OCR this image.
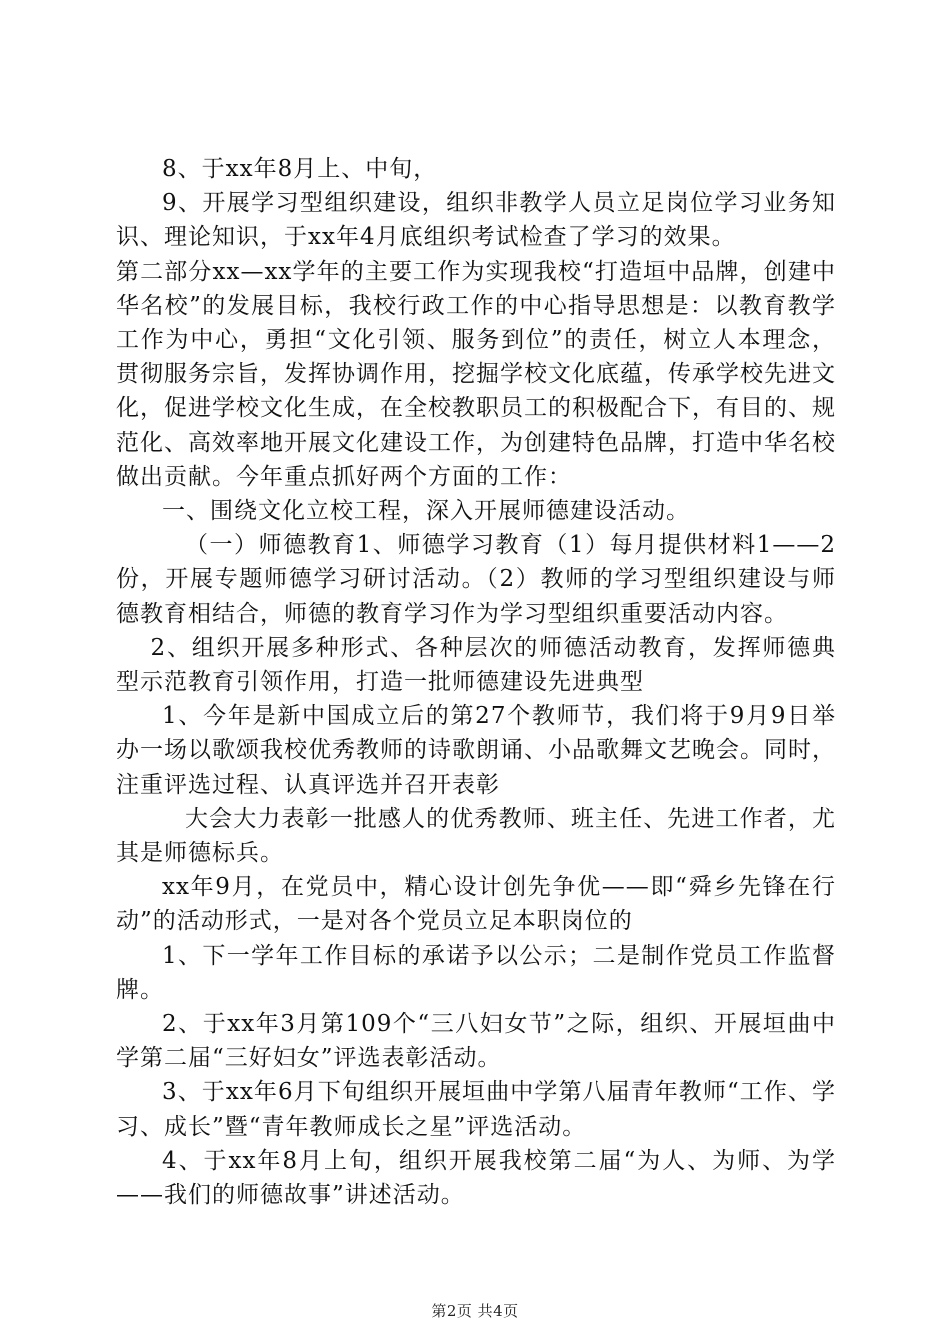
8、于xx年8月上、中旬，

9、开展学习型组织建设，组织非教学人员立足岗位学习业务知识、理论知识，于xx年4月底组织考试检查了学习的效果。

第二部分xx—xx学年的主要工作为实现我校“打造垣中品牌，创建中华名校”的发展目标，我校行政工作的中心指导思想是：以教育教学工作为中心，勇担“文化引领、服务到位”的责任，树立人本理念，贯彻服务宗旨，发挥协调作用，挖掘学校文化底蕴，传承学校先进文化，促进学校文化生成，在全校教职员工的积极配合下，有目的、规范化、高效率地开展文化建设工作，为创建特色品牌，打造中华名校做出贡献。今年重点抓好两个方面的工作：

一、围绕文化立校工程，深入开展师德建设活动。

（一）师德教育1、师德学习教育（1）每月提供材料1——2份，开展专题师德学习研讨活动。（2）教师的学习型组织建设与师德教育相结合，师德的教育学习作为学习型组织重要活动内容。

2、组织开展多种形式、各种层次的师德活动教育，发挥师德典型示范教育引领作用，打造一批师德建设先进典型

1、今年是新中国成立后的第27个教师节，我们将于9月9日举办一场以歌颂我校优秀教师的诗歌朗诵、小品歌舞文艺晚会。同时，注重评选过程、认真评选并召开表彰

大会大力表彰一批感人的优秀教师、班主任、先进工作者，尤其是师德标兵。

xx年9月，在党员中，精心设计创先争优——即“舜乡先锋在行动”的活动形式，一是对各个党员立足本职岗位的

1、下一学年工作目标的承诺予以公示；二是制作党员工作监督牌。

2、于xx年3月第109个“三八妇女节”之际，组织、开展垣曲中学第二届“三好妇女”评选表彰活动。

3、于xx年6月下旬组织开展垣曲中学第八届青年教师“工作、学习、成长”暨“青年教师成长之星”评选活动。

4、于xx年8月上旬，组织开展我校第二届“为人、为师、为学——我们的师德故事”讲述活动。

第2页 共4页
